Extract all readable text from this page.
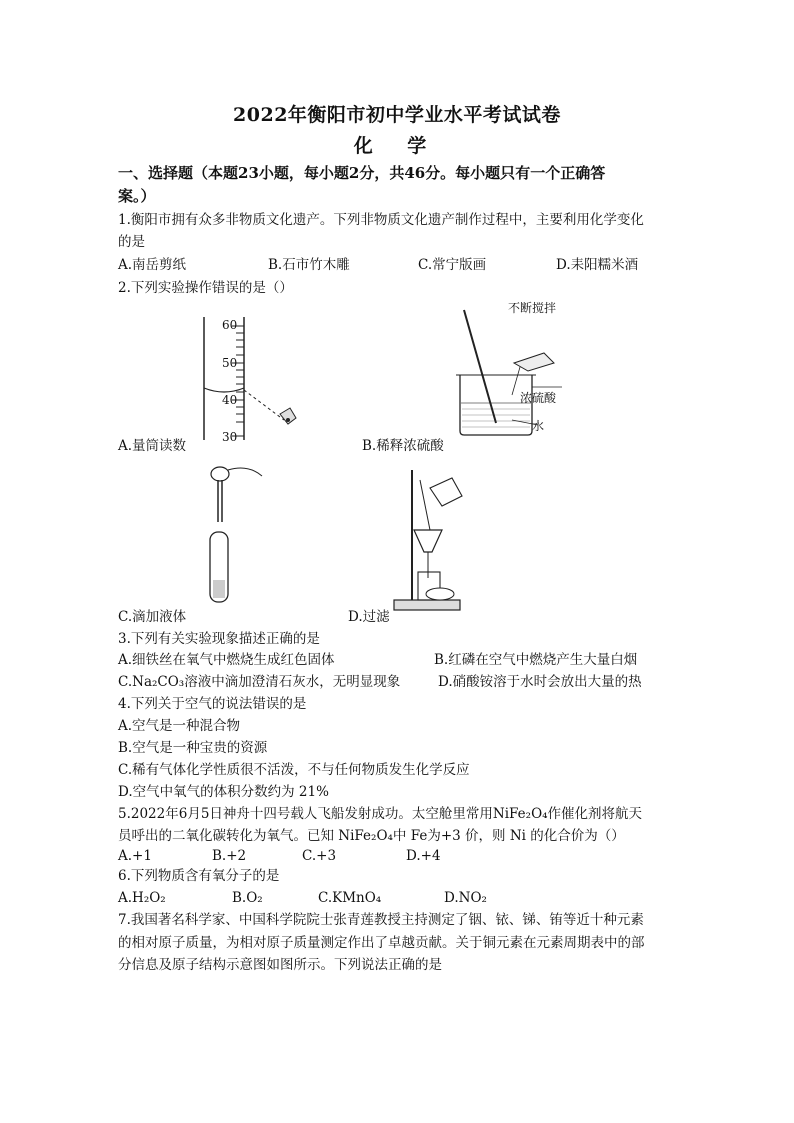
2022年衡阳市初中学业水平考试试卷
化 学
一、选择题（本题23小题，每小题2分，共46分。每小题只有一个正确答
案。）
1.衡阳市拥有众多非物质文化遗产。下列非物质文化遗产制作过程中，主要利用化学变化
的是
A.南岳剪纸	B.石市竹木雕	C.常宁版画	D.耒阳糯米酒
2.下列实验操作错误的是（）
60
50
40
30
A.量筒读数
不断搅拌
浓硫酸
水
B.稀释浓硫酸
C.滴加液体	D.过滤
3.下列有关实验现象描述正确的是
A.细铁丝在氧气中燃烧生成红色固体	B.红磷在空气中燃烧产生大量白烟
C.Na₂CO₃溶液中滴加澄清石灰水，无明显现象	D.硝酸铵溶于水时会放出大量的热
4.下列关于空气的说法错误的是
A.空气是一种混合物
B.空气是一种宝贵的资源
C.稀有气体化学性质很不活泼，不与任何物质发生化学反应
D.空气中氧气的体积分数约为 21%
5.2022年6月5日神舟十四号载人飞船发射成功。太空舱里常用NiFe₂O₄作催化剂将航天
员呼出的二氧化碳转化为氧气。已知 NiFe₂O₄中 Fe为+3 价，则 Ni 的化合价为（）
A.+1	B.+2	C.+3	D.+4
6.下列物质含有氧分子的是
A.H₂O₂	B.O₂	C.KMnO₄	D.NO₂
7.我国著名科学家、中国科学院院士张青莲教授主持测定了铟、铱、锑、铕等近十种元素
的相对原子质量，为相对原子质量测定作出了卓越贡献。关于铜元素在元素周期表中的部
分信息及原子结构示意图如图所示。下列说法正确的是
